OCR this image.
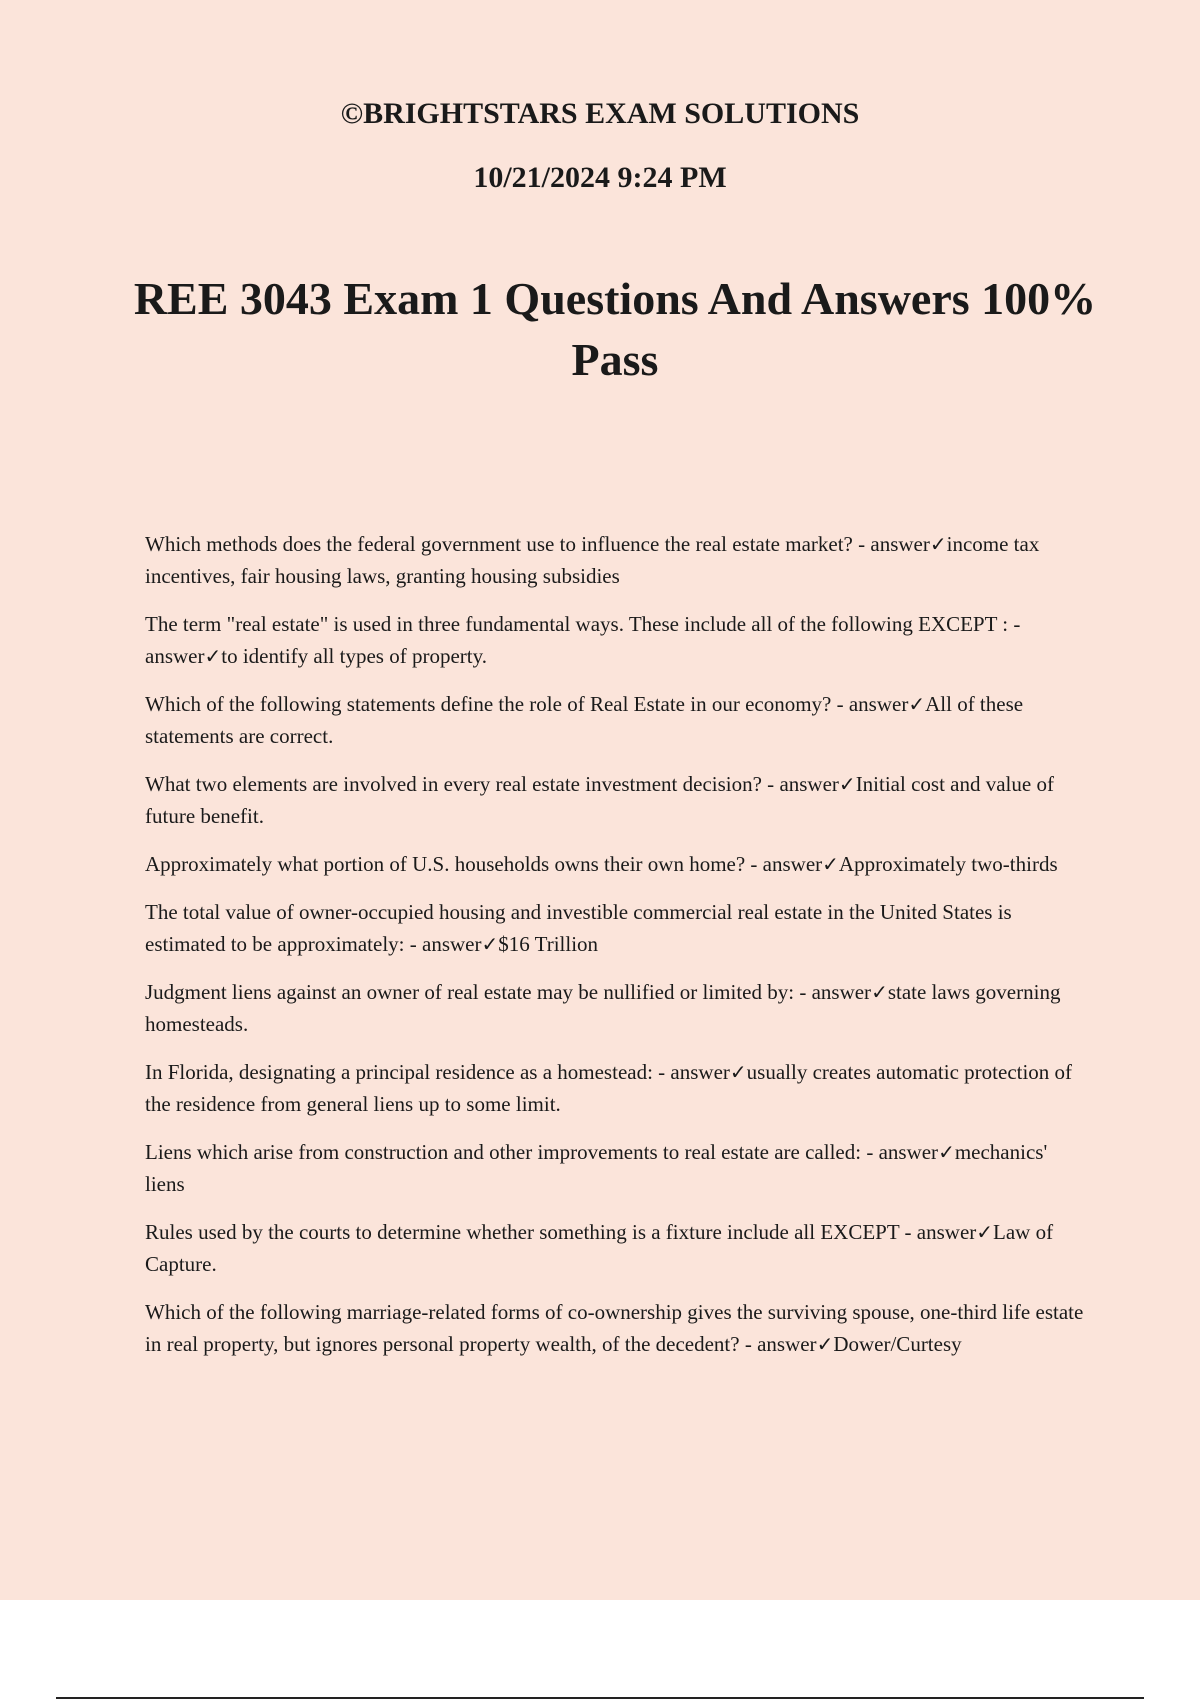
©BRIGHTSTARS EXAM SOLUTIONS

10/21/2024 9:24 PM

REE 3043 Exam 1 Questions And Answers 100% Pass
Which methods does the federal government use to influence the real estate market? - answer✓income tax incentives, fair housing laws, granting housing subsidies
The term "real estate" is used in three fundamental ways. These include all of the following EXCEPT : - answer✓to identify all types of property.
Which of the following statements define the role of Real Estate in our economy? - answer✓All of these statements are correct.
What two elements are involved in every real estate investment decision? - answer✓Initial cost and value of future benefit.
Approximately what portion of U.S. households owns their own home? - answer✓Approximately two-thirds
The total value of owner-occupied housing and investible commercial real estate in the United States is estimated to be approximately: - answer✓$16 Trillion
Judgment liens against an owner of real estate may be nullified or limited by: - answer✓state laws governing homesteads.
In Florida, designating a principal residence as a homestead: - answer✓usually creates automatic protection of the residence from general liens up to some limit.
Liens which arise from construction and other improvements to real estate are called: - answer✓mechanics' liens
Rules used by the courts to determine whether something is a fixture include all EXCEPT - answer✓Law of Capture.
Which of the following marriage-related forms of co-ownership gives the surviving spouse, one-third life estate in real property, but ignores personal property wealth, of the decedent? - answer✓Dower/Curtesy
